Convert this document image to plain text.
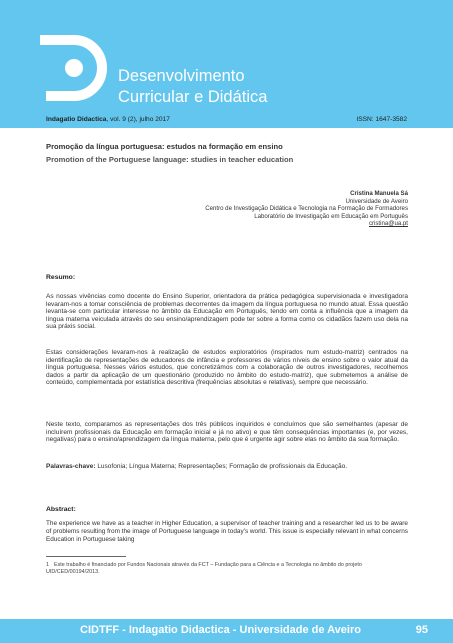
Desenvolvimento
Curricular e Didática
Indagatio Didactica, vol. 9 (2), julho 2017	ISSN: 1647-3582
Promoção da língua portuguesa: estudos na formação em ensino
Promotion of the Portuguese language: studies in teacher education
Cristina Manuela Sá
Universidade de Aveiro
Centro de Investigação Didática e Tecnologia na Formação de Formadores
Laboratório de Investigação em Educação em Português
cristina@ua.pt
Resumo:
As nossas vivências como docente do Ensino Superior, orientadora da prática pedagógica supervisionada e investigadora levaram-nos a tomar consciência de problemas decorrentes da imagem da língua portuguesa no mundo atual. Essa questão levanta-se com particular interesse no âmbito da Educação em Português, tendo em conta a influência que a imagem da língua materna veiculada através do seu ensino/aprendizagem pode ter sobre a forma como os cidadãos fazem uso dela na sua práxis social.
Estas considerações levaram-nos à realização de estudos exploratórios (inspirados num estudo-matriz) centrados na identificação de representações de educadores de infância e professores de vários níveis de ensino sobre o valor atual da língua portuguesa. Nesses vários estudos, que concretizámos com a colaboração de outros investigadores, recolhemos dados a partir da aplicação de um questionário (produzido no âmbito do estudo-matriz), que submetemos a análise de conteúdo, complementada por estatística descritiva (frequências absolutas e relativas), sempre que necessário.
Neste texto, comparamos as representações dos três públicos inquiridos e concluímos que são semelhantes (apesar de incluírem profissionais da Educação em formação inicial e já no ativo) e que têm consequências importantes (e, por vezes, negativas) para o ensino/aprendizagem da língua materna, pelo que é urgente agir sobre elas no âmbito da sua formação.
Palavras-chave: Lusofonia; Língua Materna; Representações; Formação de profissionais da Educação.
Abstract:
The experience we have as a teacher in Higher Education, a supervisor of teacher training and a researcher led us to be aware of problems resulting from the image of Portuguese language in today’s world. This issue is especially relevant in what concerns Education in Portuguese taking
1 Este trabalho é financiado por Fundos Nacionais através da FCT – Fundação para a Ciência e a Tecnologia no âmbito do projeto UID/CED/00194/2013.
CIDTFF - Indagatio Didactica - Universidade de Aveiro	95
